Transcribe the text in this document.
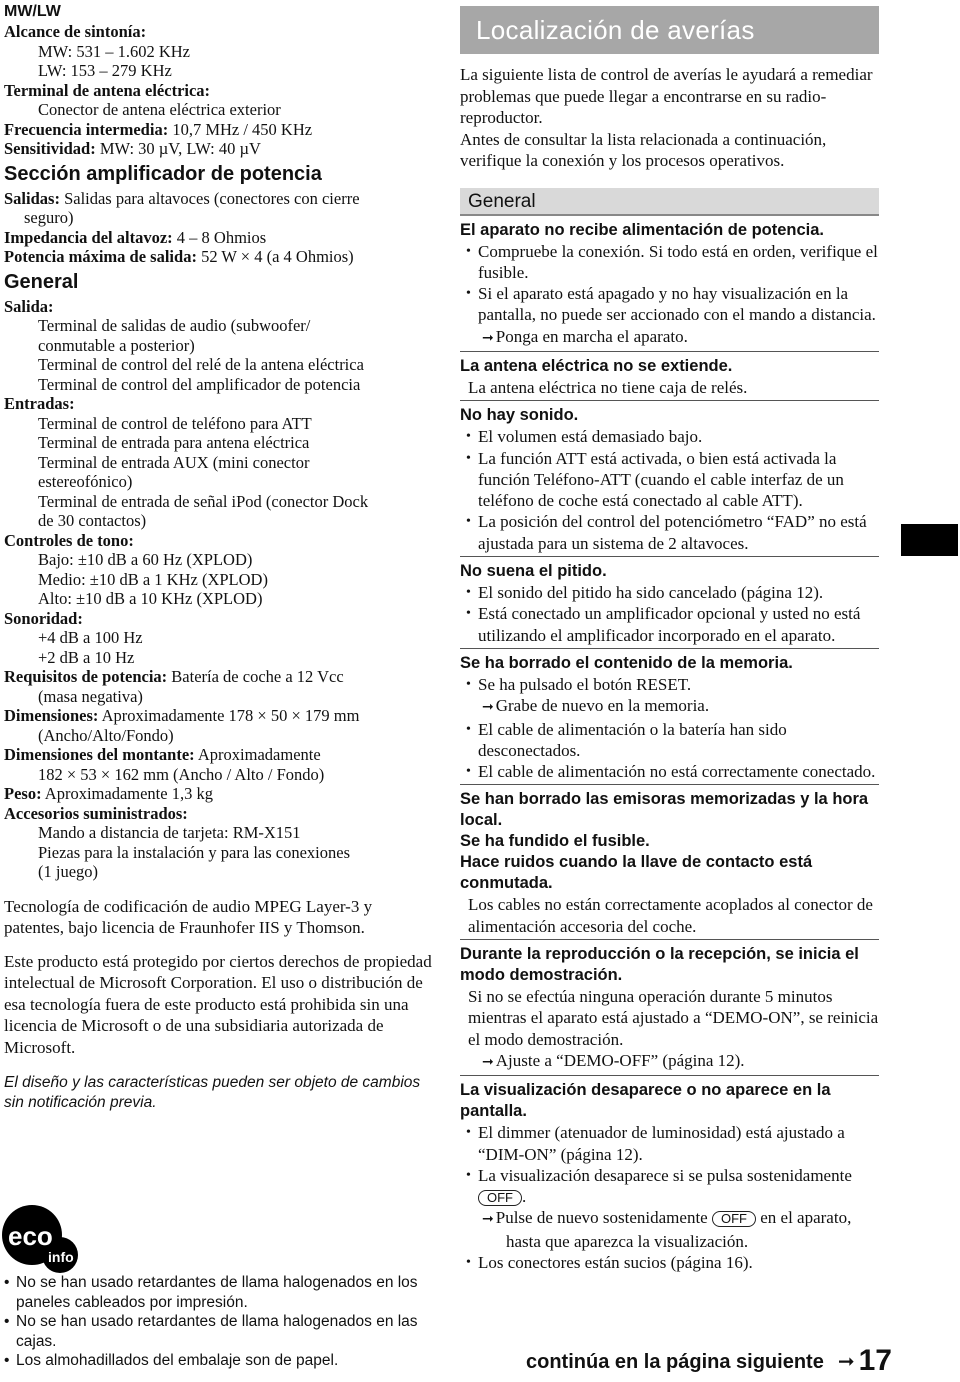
MW/LW
Alcance de sintonía:
MW: 531 – 1.602 KHz
LW: 153 – 279 KHz
Terminal de antena eléctrica:
Conector de antena eléctrica exterior
Frecuencia intermedia: 10,7 MHz / 450 KHz
Sensitividad: MW: 30 µV, LW: 40 µV
Sección amplificador de potencia
Salidas: Salidas para altavoces (conectores con cierre
seguro)
Impedancia del altavoz: 4 – 8 Ohmios
Potencia máxima de salida: 52 W × 4 (a 4 Ohmios)
General
Salida:
Terminal de salidas de audio (subwoofer/
conmutable a posterior)
Terminal de control del relé de la antena eléctrica
Terminal de control del amplificador de potencia
Entradas:
Terminal de control de teléfono para ATT
Terminal de entrada para antena eléctrica
Terminal de entrada AUX (mini conector
estereofónico)
Terminal de entrada de señal iPod (conector Dock
de 30 contactos)
Controles de tono:
Bajo: ±10 dB a 60 Hz (XPLOD)
Medio: ±10 dB a 1 KHz (XPLOD)
Alto: ±10 dB a 10 KHz (XPLOD)
Sonoridad:
+4 dB a 100 Hz
+2 dB a 10 Hz
Requisitos de potencia: Batería de coche a 12 Vcc
(masa negativa)
Dimensiones: Aproximadamente 178 × 50 × 179 mm
(Ancho/Alto/Fondo)
Dimensiones del montante: Aproximadamente
182 × 53 × 162 mm (Ancho / Alto / Fondo)
Peso: Aproximadamente 1,3 kg
Accesorios suministrados:
Mando a distancia de tarjeta: RM-X151
Piezas para la instalación y para las conexiones
(1 juego)

Tecnología de codificación de audio MPEG Layer-3 y patentes, bajo licencia de Fraunhofer IIS y Thomson.

Este producto está protegido por ciertos derechos de propiedad intelectual de Microsoft Corporation. El uso o distribución de esa tecnología fuera de este producto está prohibida sin una licencia de Microsoft o de una subsidiaria autorizada de Microsoft.

El diseño y las características pueden ser objeto de cambios sin notificación previa.

eco
info
• No se han usado retardantes de llama halogenados en los paneles cableados por impresión.
• No se han usado retardantes de llama halogenados en las cajas.
• Los almohadillados del embalaje son de papel.
Localización de averías

La siguiente lista de control de averías le ayudará a remediar problemas que puede llegar a encontrarse en su radio-reproductor.

Antes de consultar la lista relacionada a continuación, verifique la conexión y los procesos operativos.

General
El aparato no recibe alimentación de potencia.
• Compruebe la conexión. Si todo está en orden, verifique el fusible.
• Si el aparato está apagado y no hay visualización en la pantalla, no puede ser accionado con el mando a distancia.
➞ Ponga en marcha el aparato.
La antena eléctrica no se extiende.
La antena eléctrica no tiene caja de relés.
No hay sonido.
• El volumen está demasiado bajo.
• La función ATT está activada, o bien está activada la función Teléfono-ATT (cuando el cable interfaz de un teléfono de coche está conectado al cable ATT).
• La posición del control del potenciómetro “FAD” no está ajustada para un sistema de 2 altavoces.
No suena el pitido.
• El sonido del pitido ha sido cancelado (página 12).
• Está conectado un amplificador opcional y usted no está utilizando el amplificador incorporado en el aparato.
Se ha borrado el contenido de la memoria.
• Se ha pulsado el botón RESET.
➞ Grabe de nuevo en la memoria.
• El cable de alimentación o la batería han sido desconectados.
• El cable de alimentación no está correctamente conectado.
Se han borrado las emisoras memorizadas y la hora local.
Se ha fundido el fusible.
Hace ruidos cuando la llave de contacto está conmutada.
Los cables no están correctamente acoplados al conector de alimentación accesoria del coche.
Durante la reproducción o la recepción, se inicia el modo demostración.
Si no se efectúa ninguna operación durante 5 minutos mientras el aparato está ajustado a “DEMO-ON”, se reinicia el modo demostración.
➞ Ajuste a “DEMO-OFF” (página 12).
La visualización desaparece o no aparece en la pantalla.
• El dimmer (atenuador de luminosidad) está ajustado a “DIM-ON” (página 12).
• La visualización desaparece si se pulsa sostenidamente OFF .
➞ Pulse de nuevo sostenidamente OFF en el aparato, hasta que aparezca la visualización.
• Los conectores están sucios (página 16).
continúa en la página siguiente ➞ 17
